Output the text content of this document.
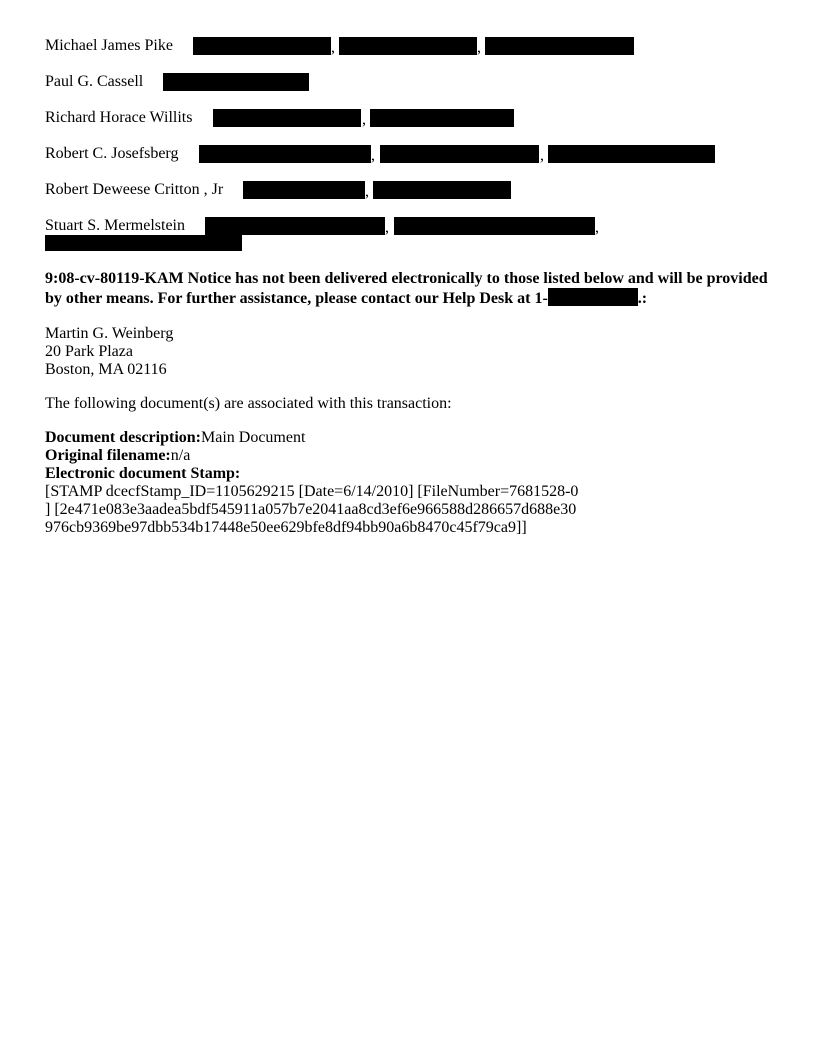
Michael James Pike	,	,
Paul G. Cassell
Richard Horace Willits	,
Robert C. Josefsberg	,	,
Robert Deweese Critton , Jr	,
Stuart S. Mermelstein	,	,
9:08-cv-80119-KAM Notice has not been delivered electronically to those listed below and will be provided by other means. For further assistance, please contact our Help Desk at 1-	.:
Martin G. Weinberg
20 Park Plaza
Boston, MA 02116
The following document(s) are associated with this transaction:
Document description:Main Document
Original filename:n/a
Electronic document Stamp:
[STAMP dcecfStamp_ID=1105629215 [Date=6/14/2010] [FileNumber=7681528-0
] [2e471e083e3aadea5bdf545911a057b7e2041aa8cd3ef6e966588d286657d688e30
976cb9369be97dbb534b17448e50ee629bfe8df94bb90a6b8470c45f79ca9]]
